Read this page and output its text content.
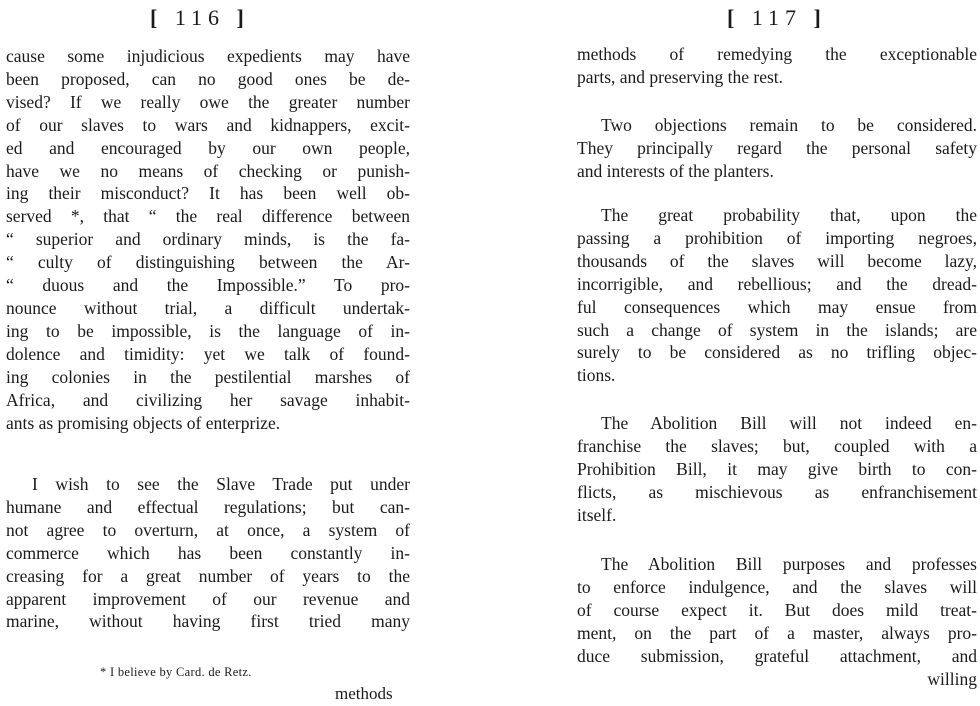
[ 116 ]
cause some injudicious expedients may have
been proposed, can no good ones be de-
vised? If we really owe the greater number
of our slaves to wars and kidnappers, excit-
ed and encouraged by our own people,
have we no means of checking or punish-
ing their misconduct? It has been well ob-
served *, that “ the real difference between
“ superior and ordinary minds, is the fa-
“ culty of distinguishing between the Ar-
“ duous and the Impossible.” To pro-
nounce without trial, a difficult undertak-
ing to be impossible, is the language of in-
dolence and timidity: yet we talk of found-
ing colonies in the pestilential marshes of
Africa, and civilizing her savage inhabit-
ants as promising objects of enterprize.
I wish to see the Slave Trade put under
humane and effectual regulations; but can-
not agree to overturn, at once, a system of
commerce which has been constantly in-
creasing for a great number of years to the
apparent improvement of our revenue and
marine, without having first tried many
* I believe by Card. de Retz.
methods
[ 117 ]
methods of remedying the exceptionable
parts, and preserving the rest.
Two objections remain to be considered.
They principally regard the personal safety
and interests of the planters.
The great probability that, upon the
passing a prohibition of importing negroes,
thousands of the slaves will become lazy,
incorrigible, and rebellious; and the dread-
ful consequences which may ensue from
such a change of system in the islands; are
surely to be considered as no trifling objec-
tions.
The Abolition Bill will not indeed en-
franchise the slaves; but, coupled with a
Prohibition Bill, it may give birth to con-
flicts, as mischievous as enfranchisement
itself.
The Abolition Bill purposes and professes
to enforce indulgence, and the slaves will
of course expect it. But does mild treat-
ment, on the part of a master, always pro-
duce submission, grateful attachment, and
willing
